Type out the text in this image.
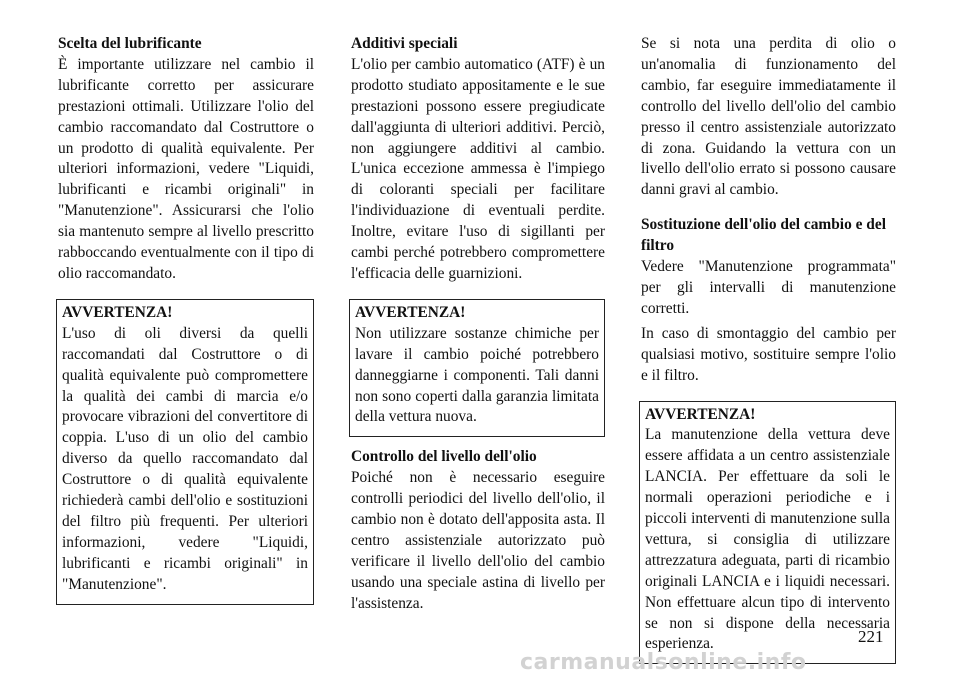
Scelta del lubrificante
È importante utilizzare nel cambio il lubrificante corretto per assicurare prestazioni ottimali. Utilizzare l'olio del cambio raccomandato dal Costruttore o un prodotto di qualità equivalente. Per ulteriori informazioni, vedere "Liquidi, lubrificanti e ricambi originali" in "Manutenzione". Assicurarsi che l'olio sia mantenuto sempre al livello prescritto rabboccando eventualmente con il tipo di olio raccomandato.
AVVERTENZA!
L'uso di oli diversi da quelli raccomandati dal Costruttore o di qualità equivalente può compromettere la qualità dei cambi di marcia e/o provocare vibrazioni del convertitore di coppia. L'uso di un olio del cambio diverso da quello raccomandato dal Costruttore o di qualità equivalente richiederà cambi dell'olio e sostituzioni del filtro più frequenti. Per ulteriori informazioni, vedere "Liquidi, lubrificanti e ricambi originali" in "Manutenzione".
Additivi speciali
L'olio per cambio automatico (ATF) è un prodotto studiato appositamente e le sue prestazioni possono essere pregiudicate dall'aggiunta di ulteriori additivi. Perciò, non aggiungere additivi al cambio. L'unica eccezione ammessa è l'impiego di coloranti speciali per facilitare l'individuazione di eventuali perdite. Inoltre, evitare l'uso di sigillanti per cambi perché potrebbero compromettere l'efficacia delle guarnizioni.
AVVERTENZA!
Non utilizzare sostanze chimiche per lavare il cambio poiché potrebbero danneggiarne i componenti. Tali danni non sono coperti dalla garanzia limitata della vettura nuova.
Controllo del livello dell'olio
Poiché non è necessario eseguire controlli periodici del livello dell'olio, il cambio non è dotato dell'apposita asta. Il centro assistenziale autorizzato può verificare il livello dell'olio del cambio usando una speciale astina di livello per l'assistenza.
Se si nota una perdita di olio o un'anomalia di funzionamento del cambio, far eseguire immediatamente il controllo del livello dell'olio del cambio presso il centro assistenziale autorizzato di zona. Guidando la vettura con un livello dell'olio errato si possono causare danni gravi al cambio.
Sostituzione dell'olio del cambio e del filtro
Vedere "Manutenzione programmata" per gli intervalli di manutenzione corretti.
In caso di smontaggio del cambio per qualsiasi motivo, sostituire sempre l'olio e il filtro.
AVVERTENZA!
La manutenzione della vettura deve essere affidata a un centro assistenziale LANCIA. Per effettuare da soli le normali operazioni periodiche e i piccoli interventi di manutenzione sulla vettura, si consiglia di utilizzare attrezzatura adeguata, parti di ricambio originali LANCIA e i liquidi necessari. Non effettuare alcun tipo di intervento se non si dispone della necessaria esperienza.	221
carmanualsonline.info
